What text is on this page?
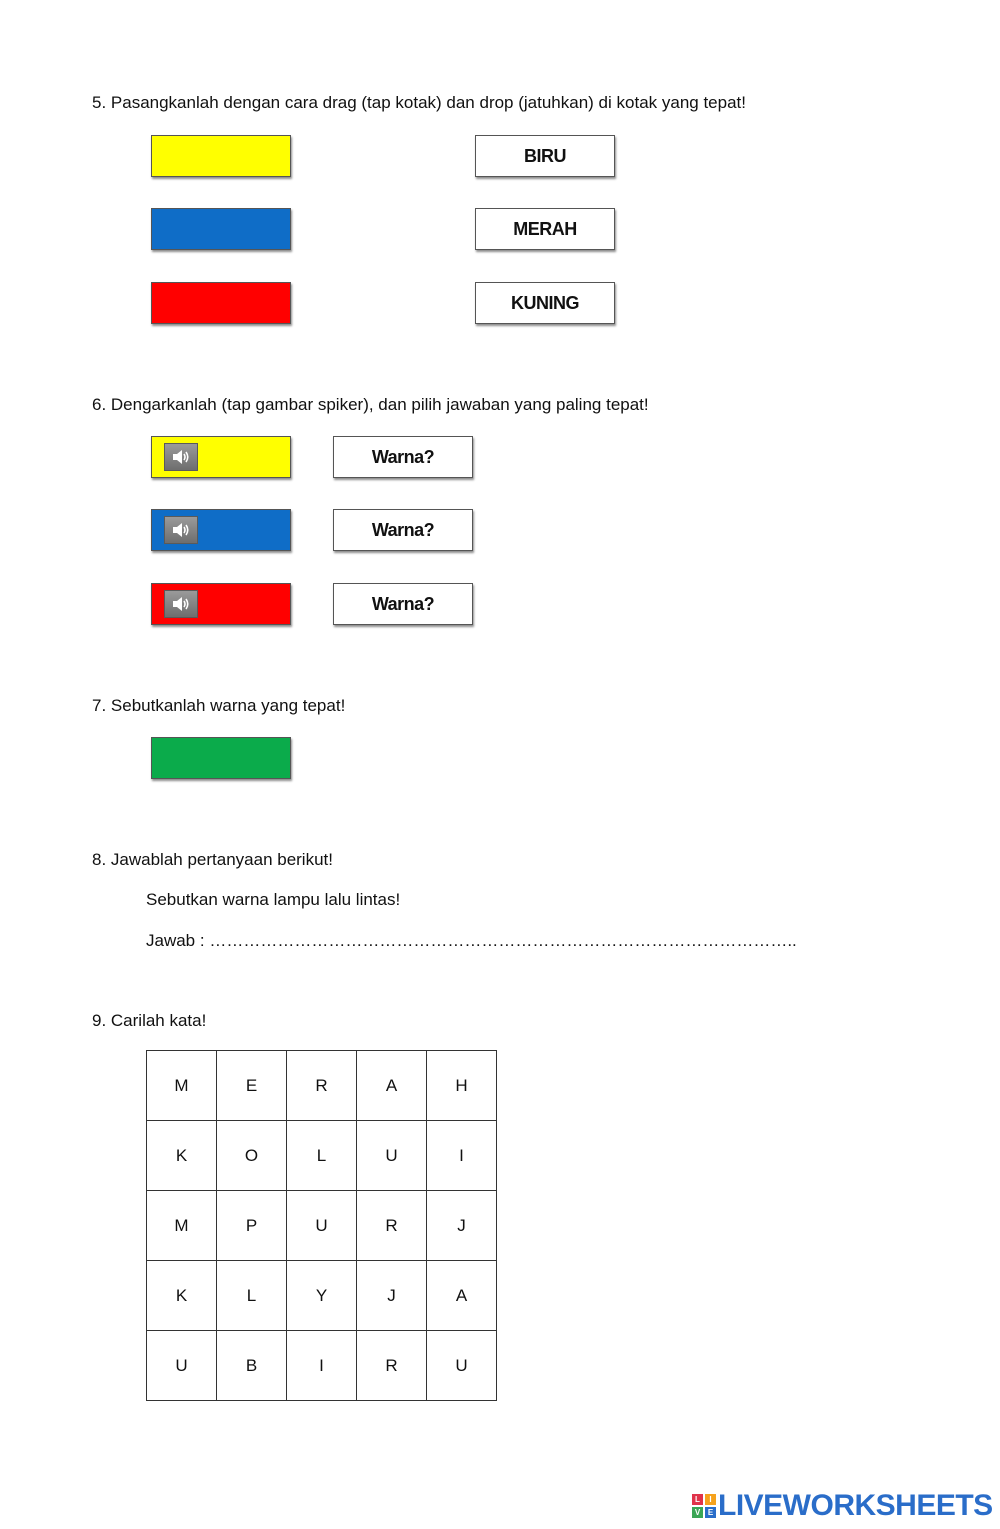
5. Pasangkanlah dengan cara drag (tap kotak) dan drop (jatuhkan) di kotak yang tepat!
BIRU
MERAH
KUNING
6. Dengarkanlah (tap gambar spiker), dan pilih jawaban yang paling tepat!
Warna?
Warna?
Warna?
7. Sebutkanlah warna yang tepat!
8. Jawablah pertanyaan berikut!
Sebutkan warna lampu lalu lintas!
Jawab : …………………………………………………………………………………………..
9. Carilah kata!
M	E	R	A	H
K	O	L	U	I
M	P	U	R	J
K	L	Y	J	A
U	B	I	R	U
L	I
V E LIVEWORKSHEETS
